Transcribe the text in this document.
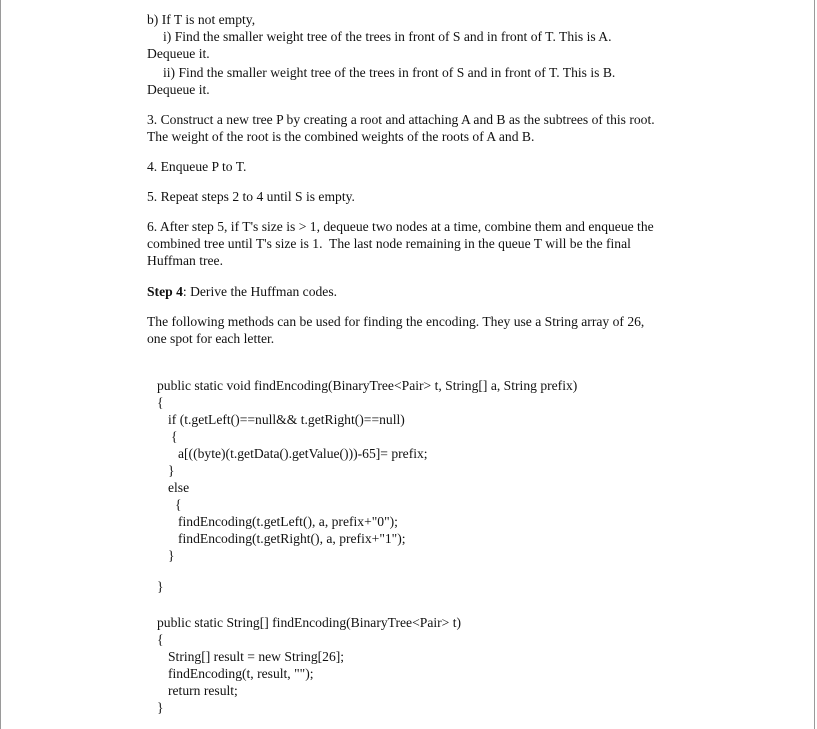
b) If T is not empty,
i) Find the smaller weight tree of the trees in front of S and in front of T. This is A.
Dequeue it.
ii) Find the smaller weight tree of the trees in front of S and in front of T. This is B.
Dequeue it.
3. Construct a new tree P by creating a root and attaching A and B as the subtrees of this root.
The weight of the root is the combined weights of the roots of A and B.
4. Enqueue P to T.
5. Repeat steps 2 to 4 until S is empty.
6. After step 5, if T's size is > 1, dequeue two nodes at a time, combine them and enqueue the
combined tree until T's size is 1.  The last node remaining in the queue T will be the final
Huffman tree.
Step 4: Derive the Huffman codes.
The following methods can be used for finding the encoding. They use a String array of 26,
one spot for each letter.
public static void findEncoding(BinaryTree<Pair> t, String[] a, String prefix)
{
if (t.getLeft()==null&& t.getRight()==null)
{
a[((byte)(t.getData().getValue()))-65]= prefix;
}
else
{
findEncoding(t.getLeft(), a, prefix+"0");
findEncoding(t.getRight(), a, prefix+"1");
}
}
public static String[] findEncoding(BinaryTree<Pair> t)
{
String[] result = new String[26];
findEncoding(t, result, "");
return result;
}
